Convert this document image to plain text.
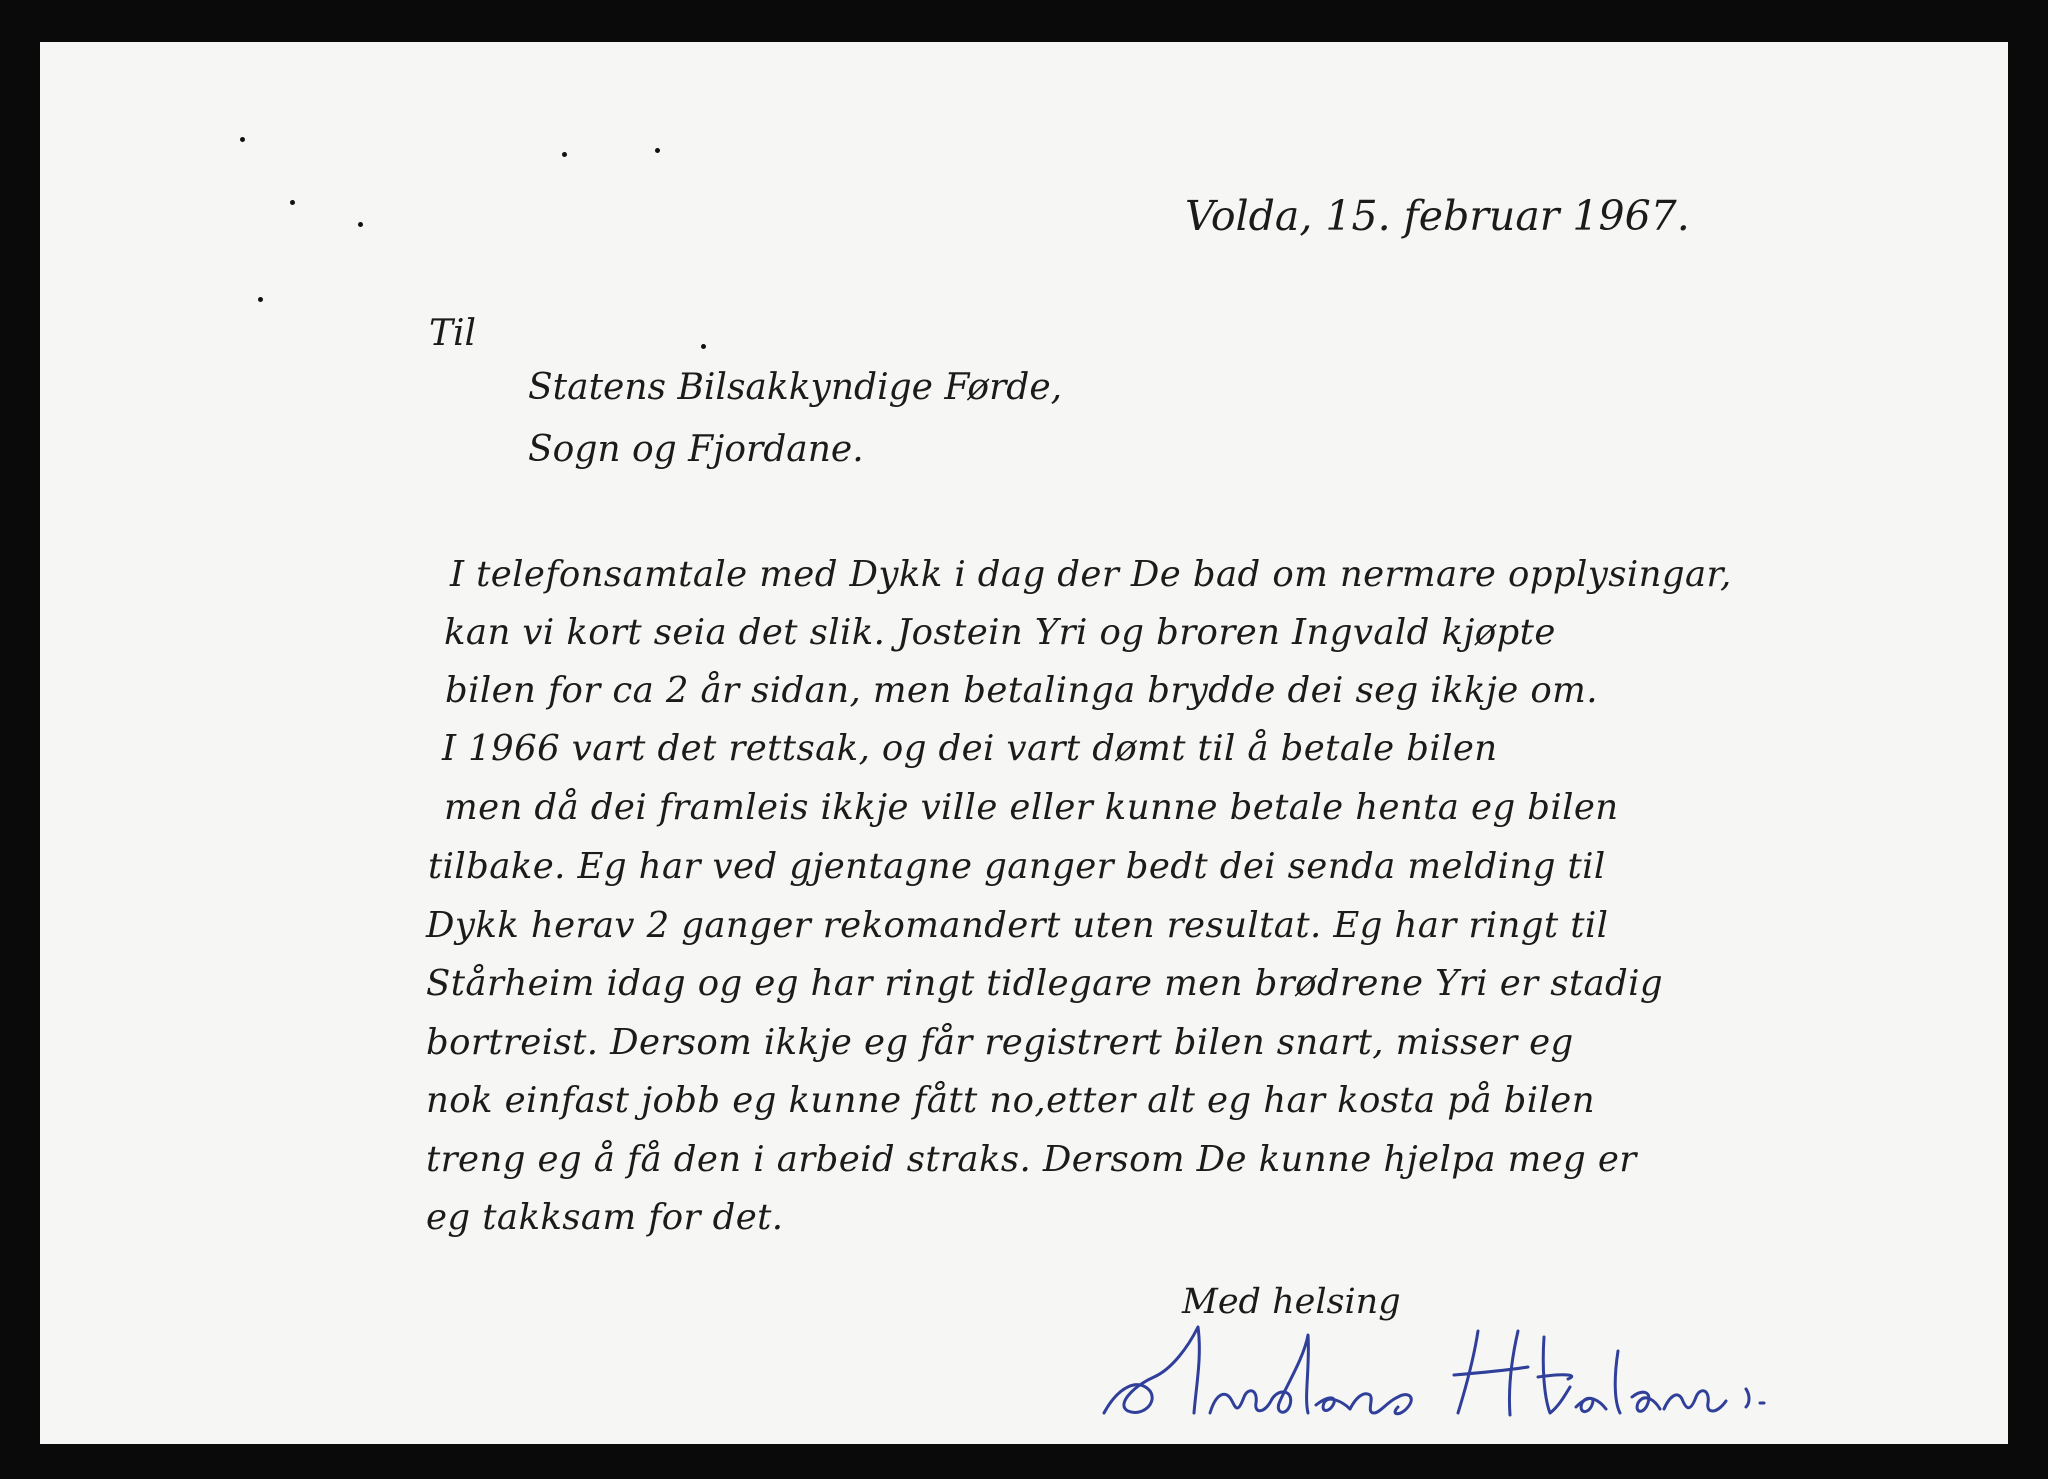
Volda, 15. februar 1967.

Til

Statens Bilsakkyndige Førde,

Sogn og Fjordane.

I telefonsamtale med Dykk i dag der De bad om nermare opplysingar,

kan vi kort seia det slik. Jostein Yri og broren Ingvald kjøpte

bilen for ca 2 år sidan, men betalinga brydde dei seg ikkje om.

I 1966 vart det rettsak, og dei vart dømt til å betale bilen

men då dei framleis ikkje ville eller kunne betale henta eg bilen

tilbake. Eg har ved gjentagne ganger bedt dei senda melding til

Dykk herav 2 ganger rekomandert uten resultat. Eg har ringt til

Stårheim idag og eg har ringt tidlegare men brødrene Yri er stadig

bortreist. Dersom ikkje eg får registrert bilen snart, misser eg

nok einfast jobb eg kunne fått no,etter alt eg har kosta på bilen

treng eg å få den i arbeid straks. Dersom De kunne hjelpa meg er

eg takksam for det.

Med helsing
